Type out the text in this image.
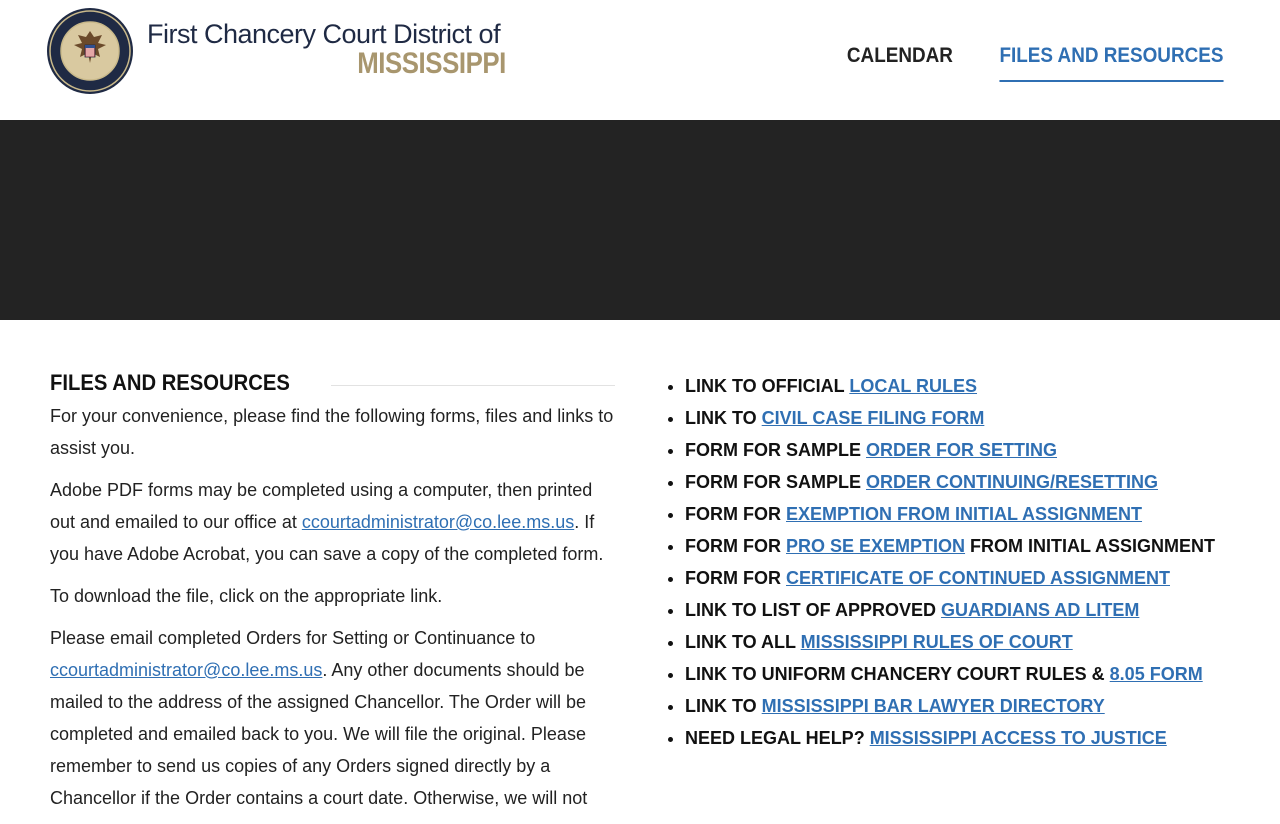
First Chancery Court District of
MISSISSIPPI	CALENDAR FILES AND RESOURCES
FILES AND RESOURCES

For your convenience, please find the following forms, files and links to assist you.

Adobe PDF forms may be completed using a computer, then printed out and emailed to our office at ccourtadministrator@co.lee.ms.us. If you have Adobe Acrobat, you can save a copy of the completed form.

To download the file, click on the appropriate link.

Please email completed Orders for Setting or Continuance to ccourtadministrator@co.lee.ms.us. Any other documents should be mailed to the address of the assigned Chancellor. The Order will be completed and emailed back to you. We will file the original. Please remember to send us copies of any Orders signed directly by a Chancellor if the Order contains a court date. Otherwise, we will not

• LINK TO OFFICIAL LOCAL RULES
• LINK TO CIVIL CASE FILING FORM
• FORM FOR SAMPLE ORDER FOR SETTING
• FORM FOR SAMPLE ORDER CONTINUING/RESETTING
• FORM FOR EXEMPTION FROM INITIAL ASSIGNMENT
• FORM FOR PRO SE EXEMPTION FROM INITIAL ASSIGNMENT
• FORM FOR CERTIFICATE OF CONTINUED ASSIGNMENT
• LINK TO LIST OF APPROVED GUARDIANS AD LITEM
• LINK TO ALL MISSISSIPPI RULES OF COURT
• LINK TO UNIFORM CHANCERY COURT RULES & 8.05 FORM
• LINK TO MISSISSIPPI BAR LAWYER DIRECTORY
• NEED LEGAL HELP? MISSISSIPPI ACCESS TO JUSTICE
